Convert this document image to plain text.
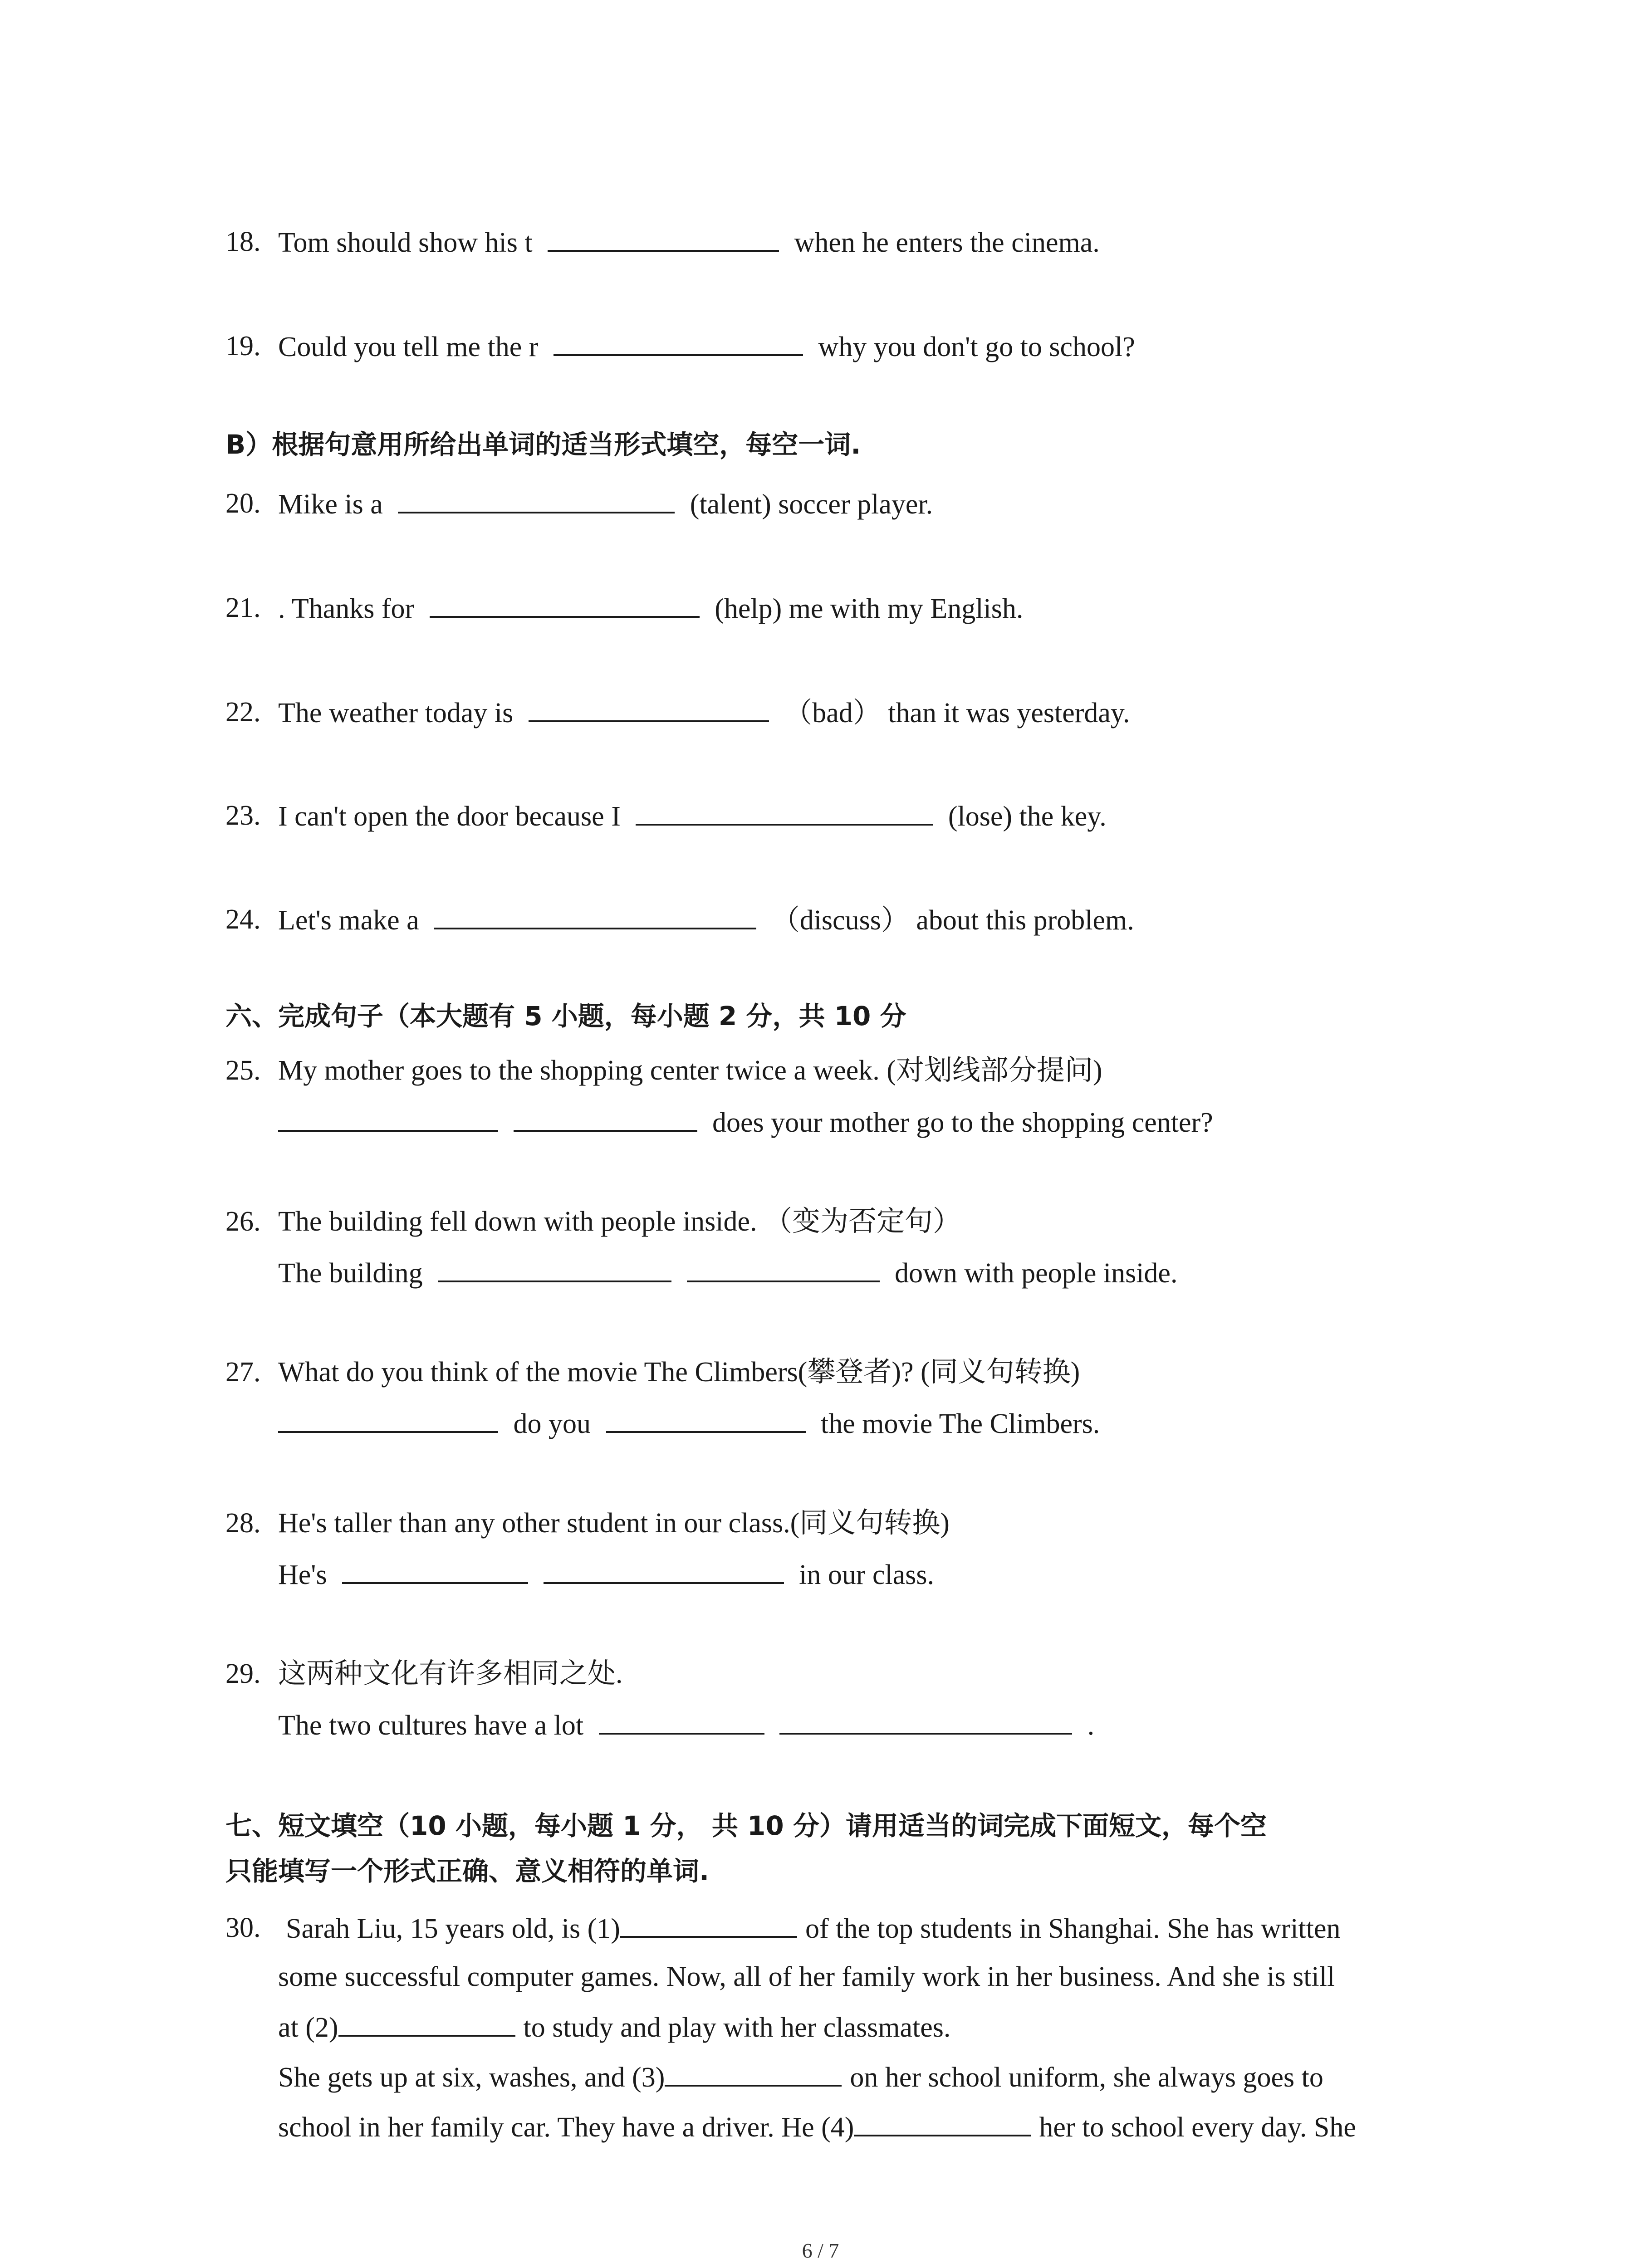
18. Tom should show his t	when he enters the cinema.
19. Could you tell me the r	why you don't go to school?
B）根据句意用所给出单词的适当形式填空，每空一词.
20. Mike is a	(talent) soccer player.
21. . Thanks for	(help) me with my English.
22. The weather today is	（bad） than it was yesterday.
23. I can't open the door because I	(lose) the key.
24. Let's make a	（discuss） about this problem.
六、完成句子（本大题有 5 小题，每小题 2 分，共 10 分
25. My mother goes to the shopping center twice a week. (对划线部分提问)
does your mother go to the shopping center?
26. The building fell down with people inside. （变为否定句）
The building	down with people inside.
27. What do you think of the movie The Climbers(攀登者)? (同义句转换)
do you	the movie The Climbers.
28. He's taller than any other student in our class.(同义句转换)
He's	in our class.
29. 这两种文化有许多相同之处.
The two cultures have a lot	.
七、短文填空（10 小题，每小题 1 分， 共 10 分）请用适当的词完成下面短文，每个空
只能填写一个形式正确、意义相符的单词.
30. Sarah Liu, 15 years old, is (1)	of the top students in Shanghai. She has written
some successful computer games. Now, all of her family work in her business. And she is still
at (2)	to study and play with her classmates.
She gets up at six, washes, and (3)	on her school uniform, she always goes to
school in her family car. They have a driver. He (4)	her to school every day. She
6 / 7
